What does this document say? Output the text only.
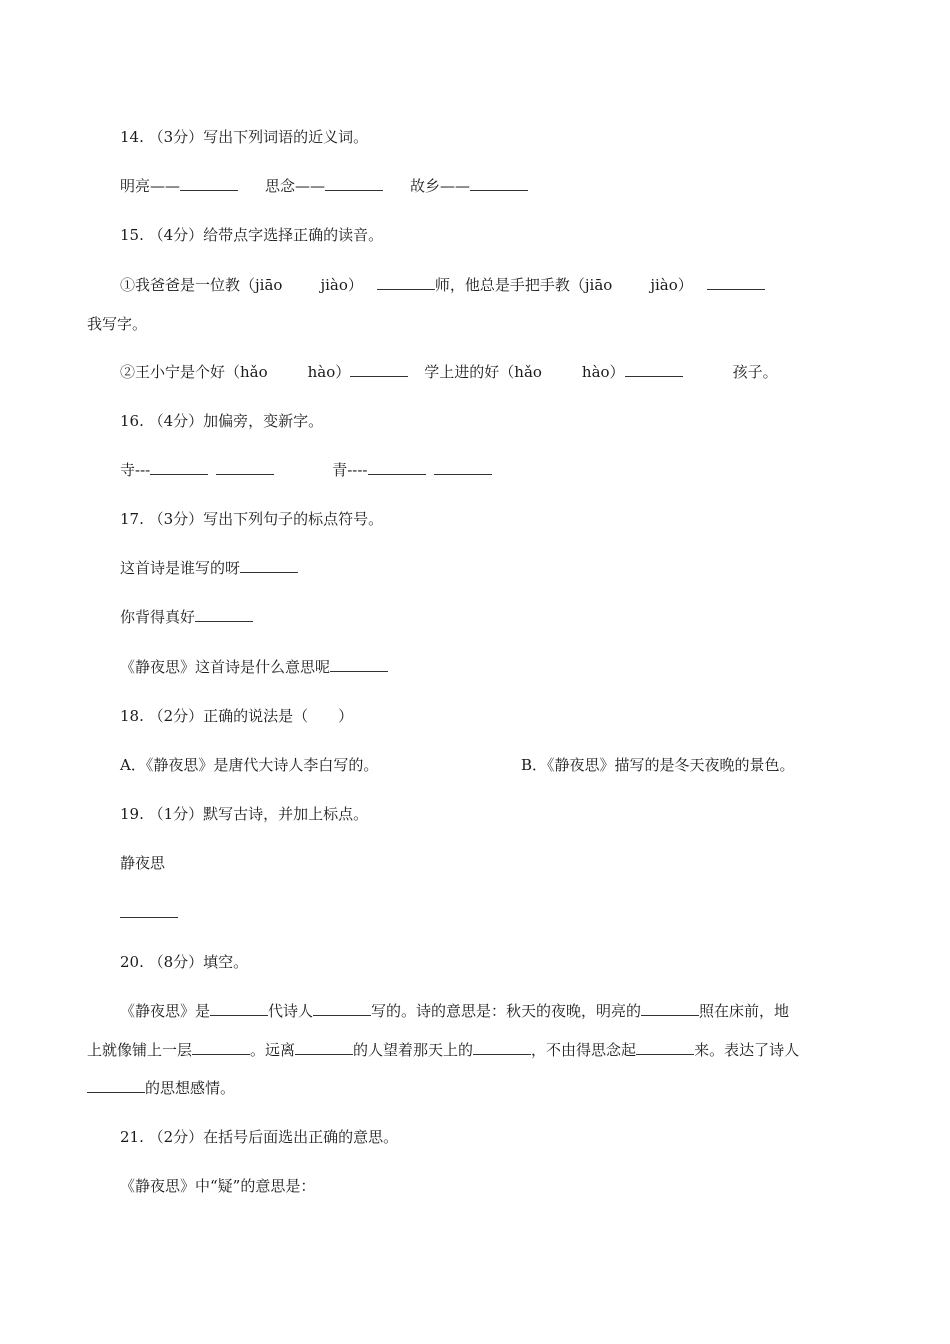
14. （3分）写出下列词语的近义词。
明亮——	思念——	故乡——
15. （4分）给带点字选择正确的读音。
①我爸爸是一位教（jiāo	jiào）	师，他总是手把手教（jiāo	jiào）
我写字。
②王小宁是个好（hǎo	hào）	学上进的好（hǎo	hào）	孩子。
16. （4分）加偏旁，变新字。
寺---	青----
17. （3分）写出下列句子的标点符号。
这首诗是谁写的呀
你背得真好
《静夜思》这首诗是什么意思呢
18. （2分）正确的说法是（　　）
A．《静夜思》是唐代大诗人李白写的。	B．《静夜思》描写的是冬天夜晚的景色。
19. （1分）默写古诗，并加上标点。
静夜思
20. （8分）填空。
《静夜思》是	代诗人	写的。诗的意思是：秋天的夜晚，明亮的	照在床前，地
上就像铺上一层	。远离	的人望着那天上的	，不由得思念起	来。表达了诗人
的思想感情。
21. （2分）在括号后面选出正确的意思。
《静夜思》中“疑”的意思是：
